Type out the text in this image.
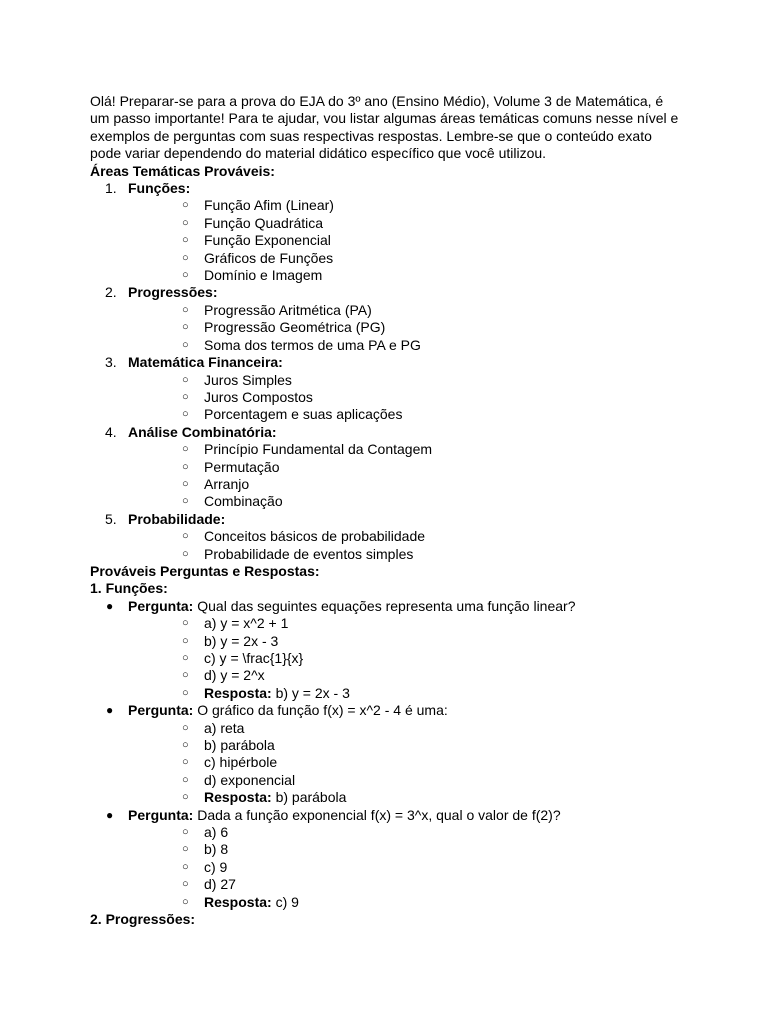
Olá! Preparar-se para a prova do EJA do 3º ano (Ensino Médio), Volume 3 de Matemática, é um passo importante! Para te ajudar, vou listar algumas áreas temáticas comuns nesse nível e exemplos de perguntas com suas respectivas respostas. Lembre-se que o conteúdo exato pode variar dependendo do material didático específico que você utilizou.

Áreas Temáticas Prováveis:
1. Funções:
○ Função Afim (Linear)
○ Função Quadrática
○ Função Exponencial
○ Gráficos de Funções
○ Domínio e Imagem
2. Progressões:
○ Progressão Aritmética (PA)
○ Progressão Geométrica (PG)
○ Soma dos termos de uma PA e PG
3. Matemática Financeira:
○ Juros Simples
○ Juros Compostos
○ Porcentagem e suas aplicações
4. Análise Combinatória:
○ Princípio Fundamental da Contagem
○ Permutação
○ Arranjo
○ Combinação
5. Probabilidade:
○ Conceitos básicos de probabilidade
○ Probabilidade de eventos simples
Prováveis Perguntas e Respostas:
1. Funções:
● Pergunta: Qual das seguintes equações representa uma função linear?
○ a) y = x^2 + 1
○ b) y = 2x - 3
○ c) y = \frac{1}{x}
○ d) y = 2^x
○ Resposta: b) y = 2x - 3
● Pergunta: O gráfico da função f(x) = x^2 - 4 é uma:
○ a) reta
○ b) parábola
○ c) hipérbole
○ d) exponencial
○ Resposta: b) parábola
● Pergunta: Dada a função exponencial f(x) = 3^x, qual o valor de f(2)?
○ a) 6
○ b) 8
○ c) 9
○ d) 27
○ Resposta: c) 9
2. Progressões:
